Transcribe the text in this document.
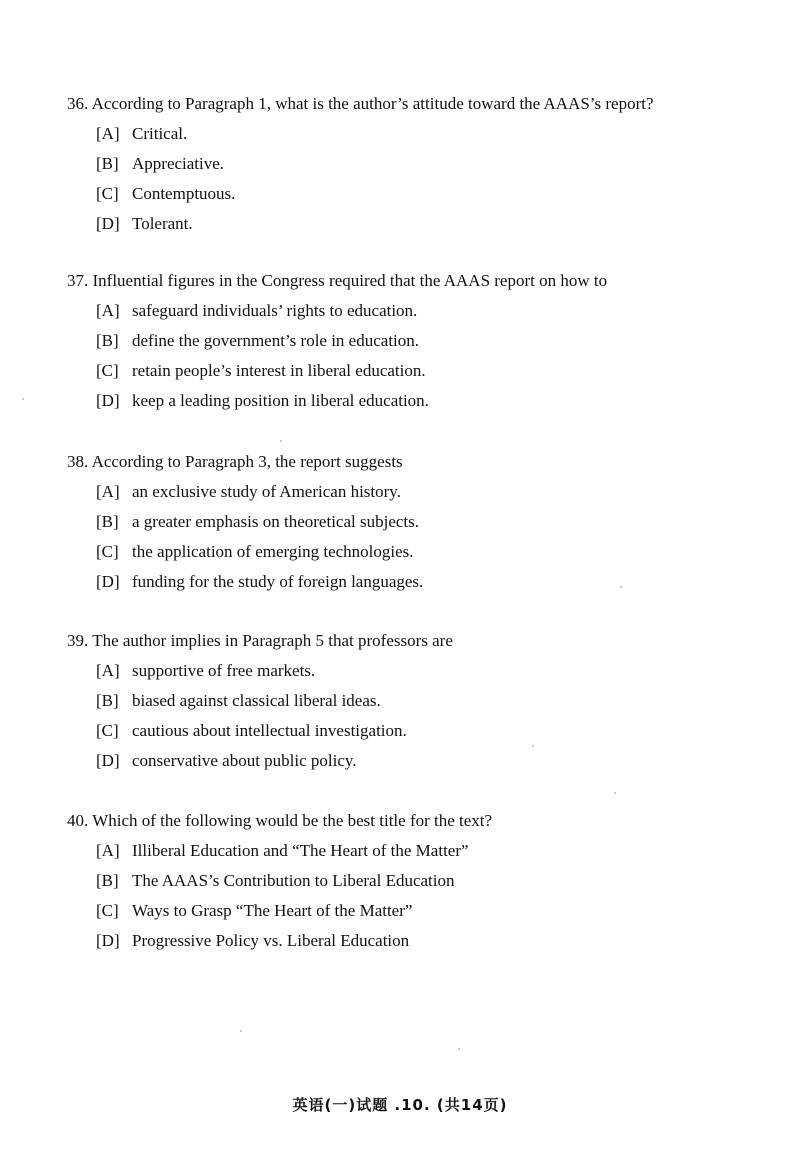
36. According to Paragraph 1, what is the author’s attitude toward the AAAS’s report?
[A] Critical.
[B] Appreciative.
[C] Contemptuous.
[D] Tolerant.
37. Influential figures in the Congress required that the AAAS report on how to
[A] safeguard individuals’ rights to education.
[B] define the government’s role in education.
[C] retain people’s interest in liberal education.
[D] keep a leading position in liberal education.
38. According to Paragraph 3, the report suggests
[A] an exclusive study of American history.
[B] a greater emphasis on theoretical subjects.
[C] the application of emerging technologies.
[D] funding for the study of foreign languages.
39. The author implies in Paragraph 5 that professors are
[A] supportive of free markets.
[B] biased against classical liberal ideas.
[C] cautious about intellectual investigation.
[D] conservative about public policy.
40. Which of the following would be the best title for the text?
[A] Illiberal Education and “The Heart of the Matter”
[B] The AAAS’s Contribution to Liberal Education
[C] Ways to Grasp “The Heart of the Matter”
[D] Progressive Policy vs. Liberal Education
英语(一)试题 .10. (共14页)
